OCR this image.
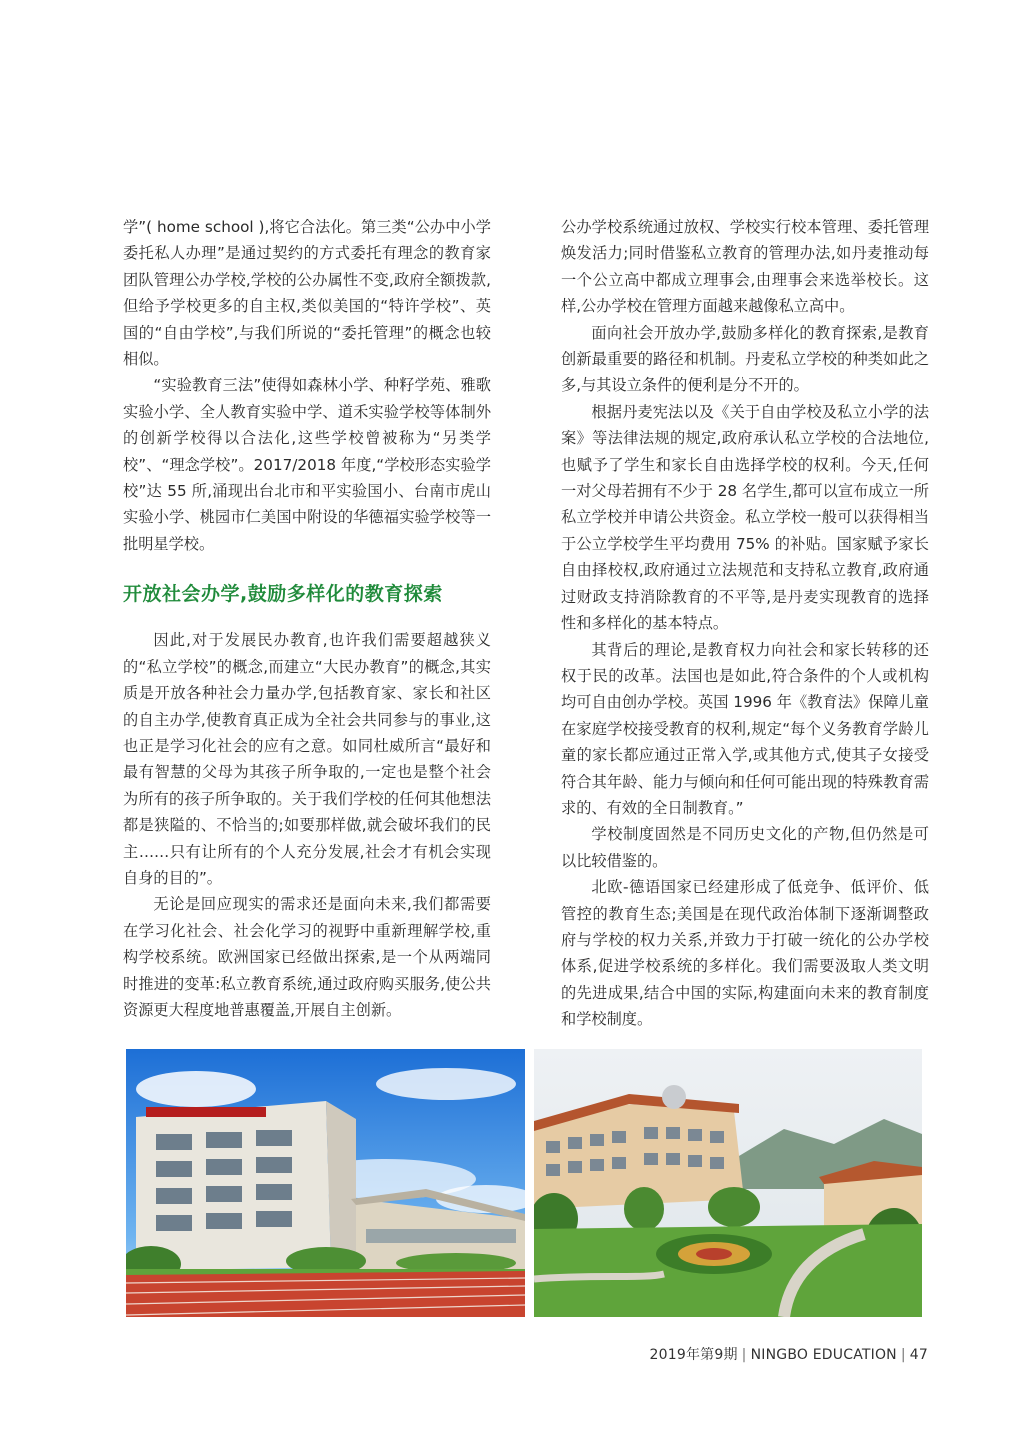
学”( home school ),将它合法化。第三类“公办中小学委托私人办理”是通过契约的方式委托有理念的教育家团队管理公办学校,学校的公办属性不变,政府全额拨款,但给予学校更多的自主权,类似美国的“特许学校”、英国的“自由学校”,与我们所说的“委托管理”的概念也较相似。

“实验教育三法”使得如森林小学、种籽学苑、雅歌实验小学、全人教育实验中学、道禾实验学校等体制外的创新学校得以合法化,这些学校曾被称为“另类学校”、“理念学校”。2017/2018 年度,“学校形态实验学校”达 55 所,涌现出台北市和平实验国小、台南市虎山实验小学、桃园市仁美国中附设的华德福实验学校等一批明星学校。

开放社会办学,鼓励多样化的教育探索

因此,对于发展民办教育,也许我们需要超越狭义的“私立学校”的概念,而建立“大民办教育”的概念,其实质是开放各种社会力量办学,包括教育家、家长和社区的自主办学,使教育真正成为全社会共同参与的事业,这也正是学习化社会的应有之意。如同杜威所言“最好和最有智慧的父母为其孩子所争取的,一定也是整个社会为所有的孩子所争取的。关于我们学校的任何其他想法都是狭隘的、不恰当的;如要那样做,就会破坏我们的民主……只有让所有的个人充分发展,社会才有机会实现自身的目的”。

无论是回应现实的需求还是面向未来,我们都需要在学习化社会、社会化学习的视野中重新理解学校,重构学校系统。欧洲国家已经做出探索,是一个从两端同时推进的变革:私立教育系统,通过政府购买服务,使公共资源更大程度地普惠覆盖,开展自主创新。

公办学校系统通过放权、学校实行校本管理、委托管理焕发活力;同时借鉴私立教育的管理办法,如丹麦推动每一个公立高中都成立理事会,由理事会来选举校长。这样,公办学校在管理方面越来越像私立高中。

面向社会开放办学,鼓励多样化的教育探索,是教育创新最重要的路径和机制。丹麦私立学校的种类如此之多,与其设立条件的便利是分不开的。

根据丹麦宪法以及《关于自由学校及私立小学的法案》等法律法规的规定,政府承认私立学校的合法地位,也赋予了学生和家长自由选择学校的权利。今天,任何一对父母若拥有不少于 28 名学生,都可以宣布成立一所私立学校并申请公共资金。私立学校一般可以获得相当于公立学校学生平均费用 75% 的补贴。国家赋予家长自由择校权,政府通过立法规范和支持私立教育,政府通过财政支持消除教育的不平等,是丹麦实现教育的选择性和多样化的基本特点。

其背后的理论,是教育权力向社会和家长转移的还权于民的改革。法国也是如此,符合条件的个人或机构均可自由创办学校。英国 1996 年《教育法》保障儿童在家庭学校接受教育的权利,规定“每个义务教育学龄儿童的家长都应通过正常入学,或其他方式,使其子女接受符合其年龄、能力与倾向和任何可能出现的特殊教育需求的、有效的全日制教育。”

学校制度固然是不同历史文化的产物,但仍然是可以比较借鉴的。

北欧-德语国家已经建形成了低竞争、低评价、低管控的教育生态;美国是在现代政治体制下逐渐调整政府与学校的权力关系,并致力于打破一统化的公办学校体系,促进学校系统的多样化。我们需要汲取人类文明的先进成果,结合中国的实际,构建面向未来的教育制度和学校制度。

2019年第9期 | NINGBO EDUCATION | 47
